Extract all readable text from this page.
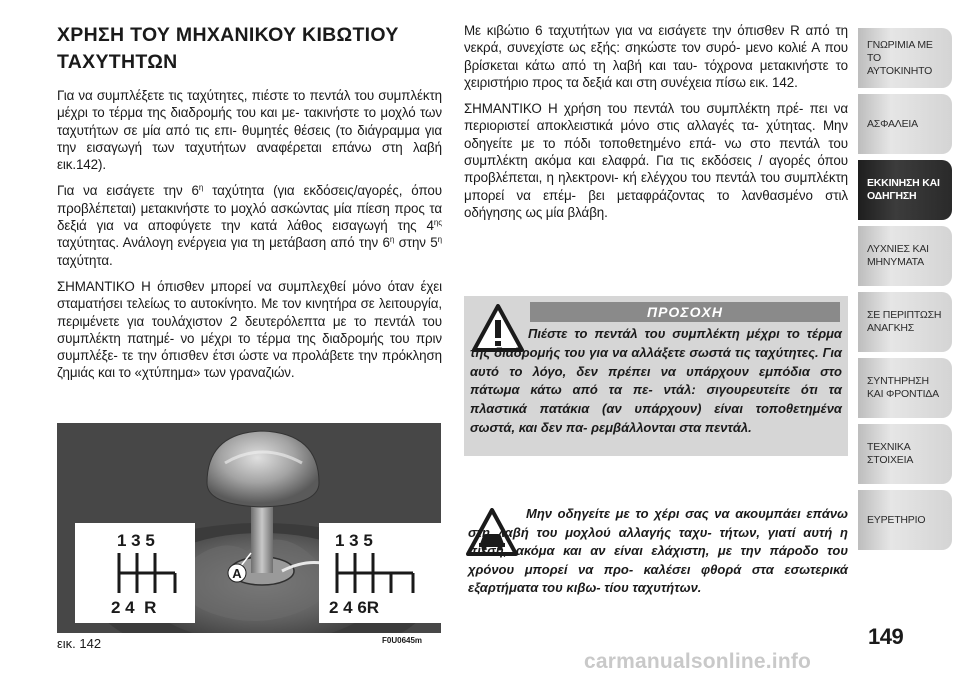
ΧΡΗΣΗ ΤΟΥ ΜΗΧΑΝΙΚΟΥ ΚΙΒΩΤΙΟΥ
ΤΑΧΥΤΗΤΩΝ

Για να συμπλέξετε τις ταχύτητες, πιέστε το πεντάλ του συμπλέκτη μέχρι το τέρμα της διαδρομής του και με- τακινήστε το μοχλό των ταχυτήτων σε μία από τις επι- θυμητές θέσεις (το διάγραμμα για την εισαγωγή των ταχυτήτων αναφέρεται επάνω στη λαβή εικ.142).

Για να εισάγετε την $6^\eta$ ταχύτητα (για εκδόσεις/αγορές, όπου προβλέπεται) μετακινήστε το μοχλό ασκώντας μία πίεση προς τα δεξιά για να αποφύγετε την κατά λάθος εισαγωγή της $4^{\eta\varsigma}$ ταχύτητας. Ανάλογη ενέργεια για τη μετάβαση από την $6^\eta$ στην $5^\eta$ ταχύτητα.

ΣΗΜΑΝΤΙΚΟ Η όπισθεν μπορεί να συμπλεχθεί μόνο όταν έχει σταματήσει τελείως το αυτοκίνητο. Με τον κινητήρα σε λειτουργία, περιμένετε για τουλάχιστον 2 δευτερόλεπτα με το πεντάλ του συμπλέκτη πατημέ- νο μέχρι το τέρμα της διαδρομής του πριν συμπλέξε- τε την όπισθεν έτσι ώστε να προλάβετε την πρόκληση ζημιάς και το «χτύπημα» των γραναζιών.

A
1 3 5
2 4  R
1 3 5
2 4 6R
εικ. 142	F0U0645m

Με κιβώτιο 6 ταχυτήτων για να εισάγετε την όπισθεν R από τη νεκρά, συνεχίστε ως εξής: σηκώστε τον συρό- μενο κολιέ Α που βρίσκεται κάτω από τη λαβή και ταυ- τόχρονα μετακινήστε το χειριστήριο προς τα δεξιά και στη συνέχεια πίσω εικ. 142.

ΣΗΜΑΝΤΙΚΟ Η χρήση του πεντάλ του συμπλέκτη πρέ- πει να περιοριστεί αποκλειστικά μόνο στις αλλαγές τα- χύτητας. Μην οδηγείτε με το πόδι τοποθετημένο επά- νω στο πεντάλ του συμπλέκτη ακόμα και ελαφρά. Για τις εκδόσεις / αγορές όπου προβλέπεται, η ηλεκτρονι- κή ελέγχου του πεντάλ του συμπλέκτη μπορεί να επέμ- βει μεταφράζοντας το λανθασμένο στιλ οδήγησης ως μία βλάβη.

ΠΡΟΣΟΧΗ

Πιέστε το πεντάλ του συμπλέκτη μέχρι το τέρμα της διαδρομής του για να αλλάξετε σωστά τις ταχύτητες. Για αυτό το λόγο, δεν πρέπει να υπάρχουν εμπόδια στο πάτωμα κάτω από τα πε- ντάλ: σιγουρευτείτε ότι τα πλαστικά πατάκια (αν υπάρχουν) είναι τοποθετημένα σωστά, και δεν πα- ρεμβάλλονται στα πεντάλ.

Μην οδηγείτε με το χέρι σας να ακουμπάει επάνω στη λαβή του μοχλού αλλαγής ταχυ- τήτων, γιατί αυτή η πίεση, ακόμα και αν είναι ελάχιστη, με την πάροδο του χρόνου μπορεί να προ- καλέσει φθορά στα εσωτερικά εξαρτήματα του κιβω- τίου ταχυτήτων.

149
carmanualsonline.info
ΓΝΩΡΙΜΙΑ ΜΕ ΤΟ ΑΥΤΟΚΙΝΗΤΟ
ΑΣΦΑΛΕΙΑ
ΕΚΚΙΝΗΣΗ ΚΑΙ ΟΔΗΓΗΣΗ
ΛΥΧΝΙΕΣ ΚΑΙ ΜΗΝΥΜΑΤΑ
ΣΕ ΠΕΡΙΠΤΩΣΗ ΑΝΑΓΚΗΣ
ΣΥΝΤΗΡΗΣΗ ΚΑΙ ΦΡΟΝΤΙΔΑ
ΤΕΧΝΙΚΑ ΣΤΟΙΧΕΙΑ
ΕΥΡΕΤΗΡΙΟ
